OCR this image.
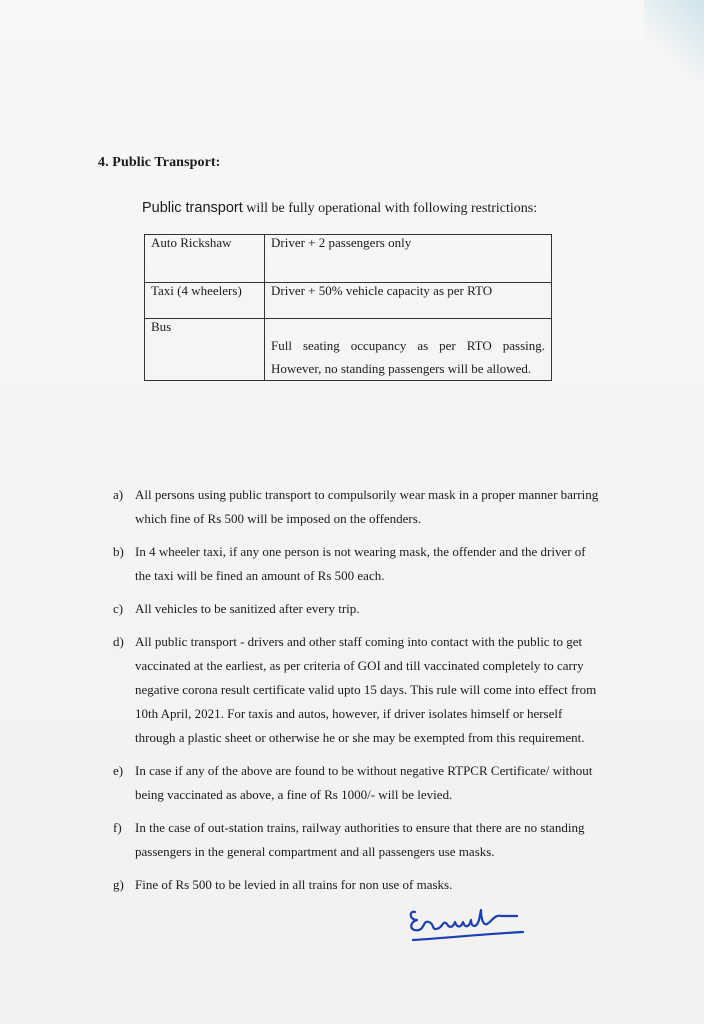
4. Public Transport:
Public transport will be fully operational with following restrictions:
Auto Rickshaw	Driver + 2 passengers only
Taxi (4 wheelers)	Driver + 50% vehicle capacity as per RTO
Bus	Full seating occupancy as per RTO passing. However, no standing passengers will be allowed.
a) All persons using public transport to compulsorily wear mask in a proper manner barring which fine of Rs 500 will be imposed on the offenders.
b) In 4 wheeler taxi, if any one person is not wearing mask, the offender and the driver of the taxi will be fined an amount of Rs 500 each.
c) All vehicles to be sanitized after every trip.
d) All public transport - drivers and other staff coming into contact with the public to get vaccinated at the earliest, as per criteria of GOI and till vaccinated completely to carry negative corona result certificate valid upto 15 days. This rule will come into effect from 10th April, 2021. For taxis and autos, however, if driver isolates himself or herself through a plastic sheet or otherwise he or she may be exempted from this requirement.
e) In case if any of the above are found to be without negative RTPCR Certificate/ without being vaccinated as above, a fine of Rs 1000/- will be levied.
f) In the case of out-station trains, railway authorities to ensure that there are no standing passengers in the general compartment and all passengers use masks.
g) Fine of Rs 500 to be levied in all trains for non use of masks.
